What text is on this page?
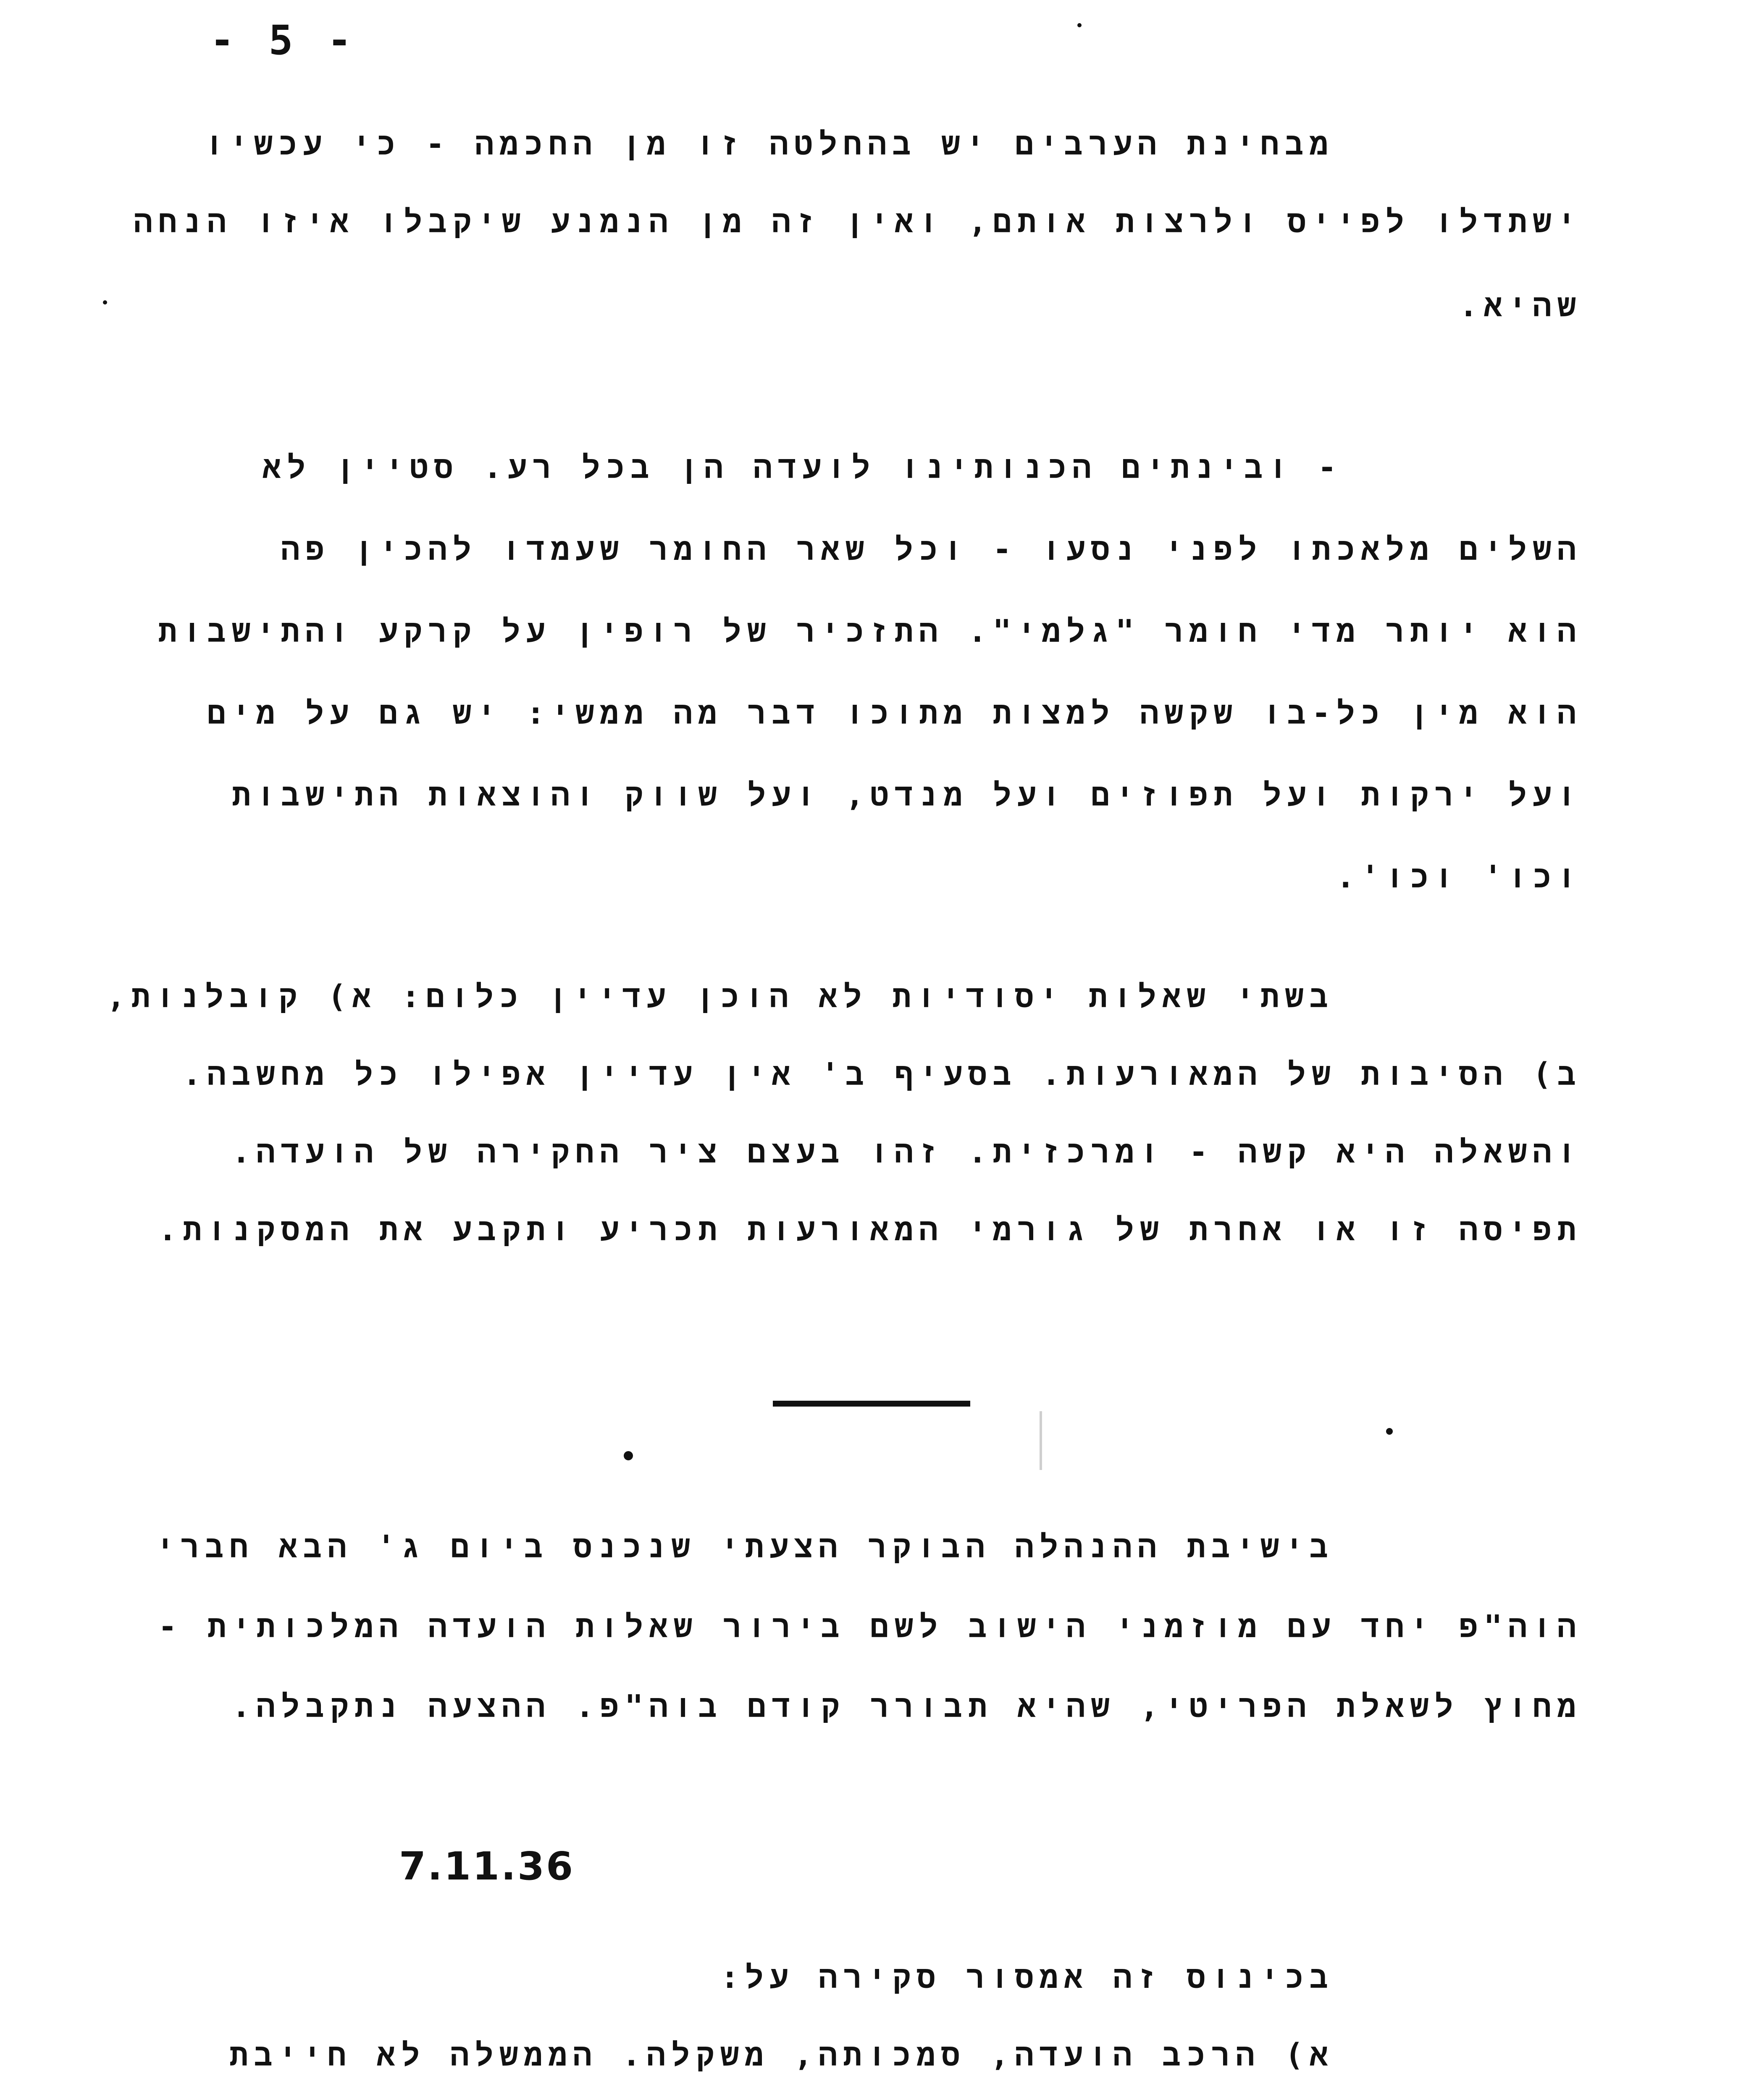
- 5 -
מבחינת הערבים יש בהחלטה זו מן החכמה - כי עכשיו
ישתדלו לפייס ולרצות אותם, ואין זה מן הנמנע שיקבלו איזו הנחה
שהיא.
- ובינתים הכנותינו לועדה הן בכל רע. סטיין לא
השלים מלאכתו לפני נסעו - וכל שאר החומר שעמדו להכין פה
הוא יותר מדי חומר "גלמי". התזכיר של רופין על קרקע והתישבות
הוא מין כל-בו שקשה למצות מתוכו דבר מה ממשי: יש גם על מים
ועל ירקות ועל תפוזים ועל מנדט, ועל שווק והוצאות התישבות
וכו' וכו'.
בשתי שאלות יסודיות לא הוכן עדיין כלום: א) קובלנות,
ב) הסיבות של המאורעות. בסעיף ב' אין עדיין אפילו כל מחשבה.
והשאלה היא קשה - ומרכזית. זהו בעצם ציר החקירה של הועדה.
תפיסה זו או אחרת של גורמי המאורעות תכריע ותקבע את המסקנות.
בישיבת ההנהלה הבוקר הצעתי שנכנס ביום ג' הבא חברי
הוה"פ יחד עם מוזמני הישוב לשם בירור שאלות הועדה המלכותית -
מחוץ לשאלת הפריטי, שהיא תבורר קודם בוה"פ. ההצעה נתקבלה.
7.11.36
בכינוס זה אמסור סקירה על:
א) הרכב הועדה, סמכותה, משקלה. הממשלה לא חייבת
